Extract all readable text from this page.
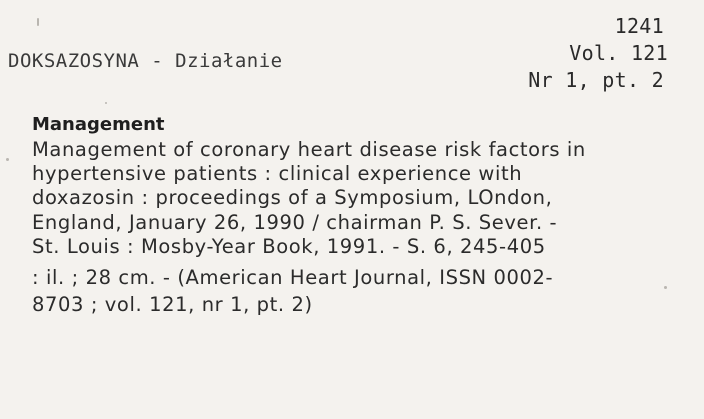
1241
DOKSAZOSYNA - Działanie	Vol. 121
Nr 1, pt. 2
Management
Management of coronary heart disease risk factors in
hypertensive patients : clinical experience with
doxazosin : proceedings of a Symposium, LOndon,
England, January 26, 1990 / chairman P. S. Sever. -
St. Louis : Mosby-Year Book, 1991. - S. 6, 245-405
: il. ; 28 cm. - (American Heart Journal, ISSN 0002-
8703 ; vol. 121, nr 1, pt. 2)
